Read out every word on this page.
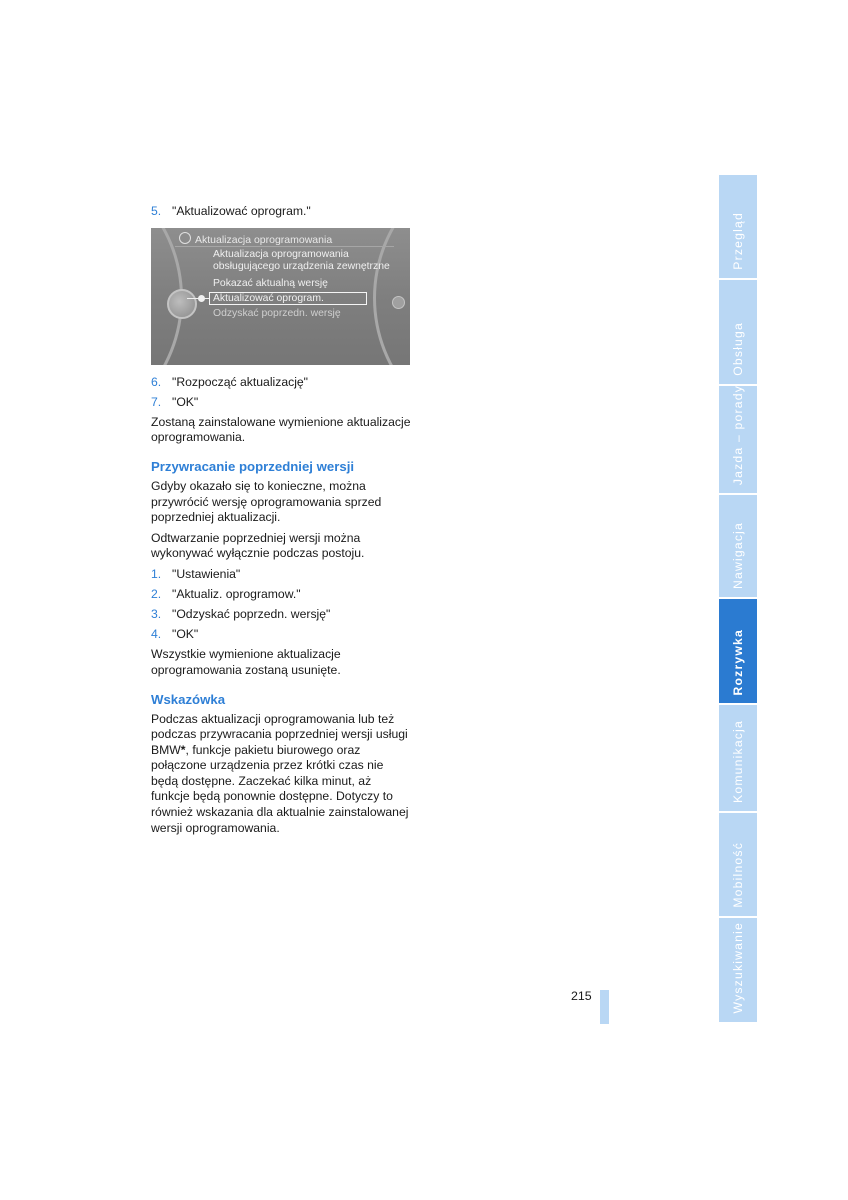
5. "Aktualizować oprogram."
Aktualizacja oprogramowania
Aktualizacja oprogramowania
obsługującego urządzenia zewnętrzne
Pokazać aktualną wersję
Aktualizować oprogram.
Odzyskać poprzedn. wersję
6. "Rozpocząć aktualizację"
7. "OK"

Zostaną zainstalowane wymienione aktualizacje oprogramowania.

Przywracanie poprzedniej wersji

Gdyby okazało się to konieczne, można przywrócić wersję oprogramowania sprzed poprzedniej aktualizacji.

Odtwarzanie poprzedniej wersji można wykonywać wyłącznie podczas postoju.

1. "Ustawienia"
2. "Aktualiz. oprogramow."
3. "Odzyskać poprzedn. wersję"
4. "OK"

Wszystkie wymienione aktualizacje oprogramowania zostaną usunięte.

Wskazówka

Podczas aktualizacji oprogramowania lub też podczas przywracania poprzedniej wersji usługi BMW*, funkcje pakietu biurowego oraz połączone urządzenia przez krótki czas nie będą dostępne. Zaczekać kilka minut, aż funkcje będą ponownie dostępne. Dotyczy to również wskazania dla aktualnie zainstalowanej wersji oprogramowania.

215
Przegląd
Obsługa
Jazda – porady
Nawigacja
Rozrywka
Komunikacja
Mobilność
Wyszukiwanie
